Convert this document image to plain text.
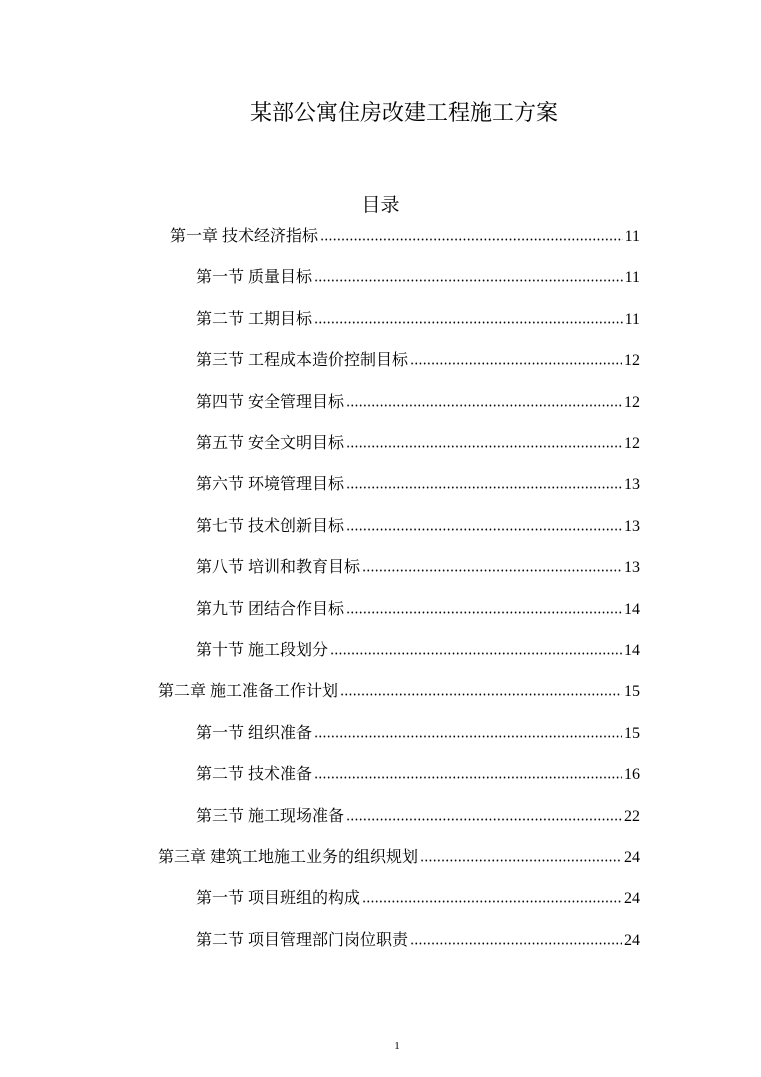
某部公寓住房改建工程施工方案
目录
第一章 技术经济指标	11
第一节 质量目标	11
第二节 工期目标	11
第三节 工程成本造价控制目标	12
第四节 安全管理目标	12
第五节 安全文明目标	12
第六节 环境管理目标	13
第七节 技术创新目标	13
第八节 培训和教育目标	13
第九节 团结合作目标	14
第十节 施工段划分	14
第二章 施工准备工作计划	15
第一节 组织准备	15
第二节 技术准备	16
第三节 施工现场准备	22
第三章 建筑工地施工业务的组织规划	24
第一节 项目班组的构成	24
第二节 项目管理部门岗位职责	24
1
